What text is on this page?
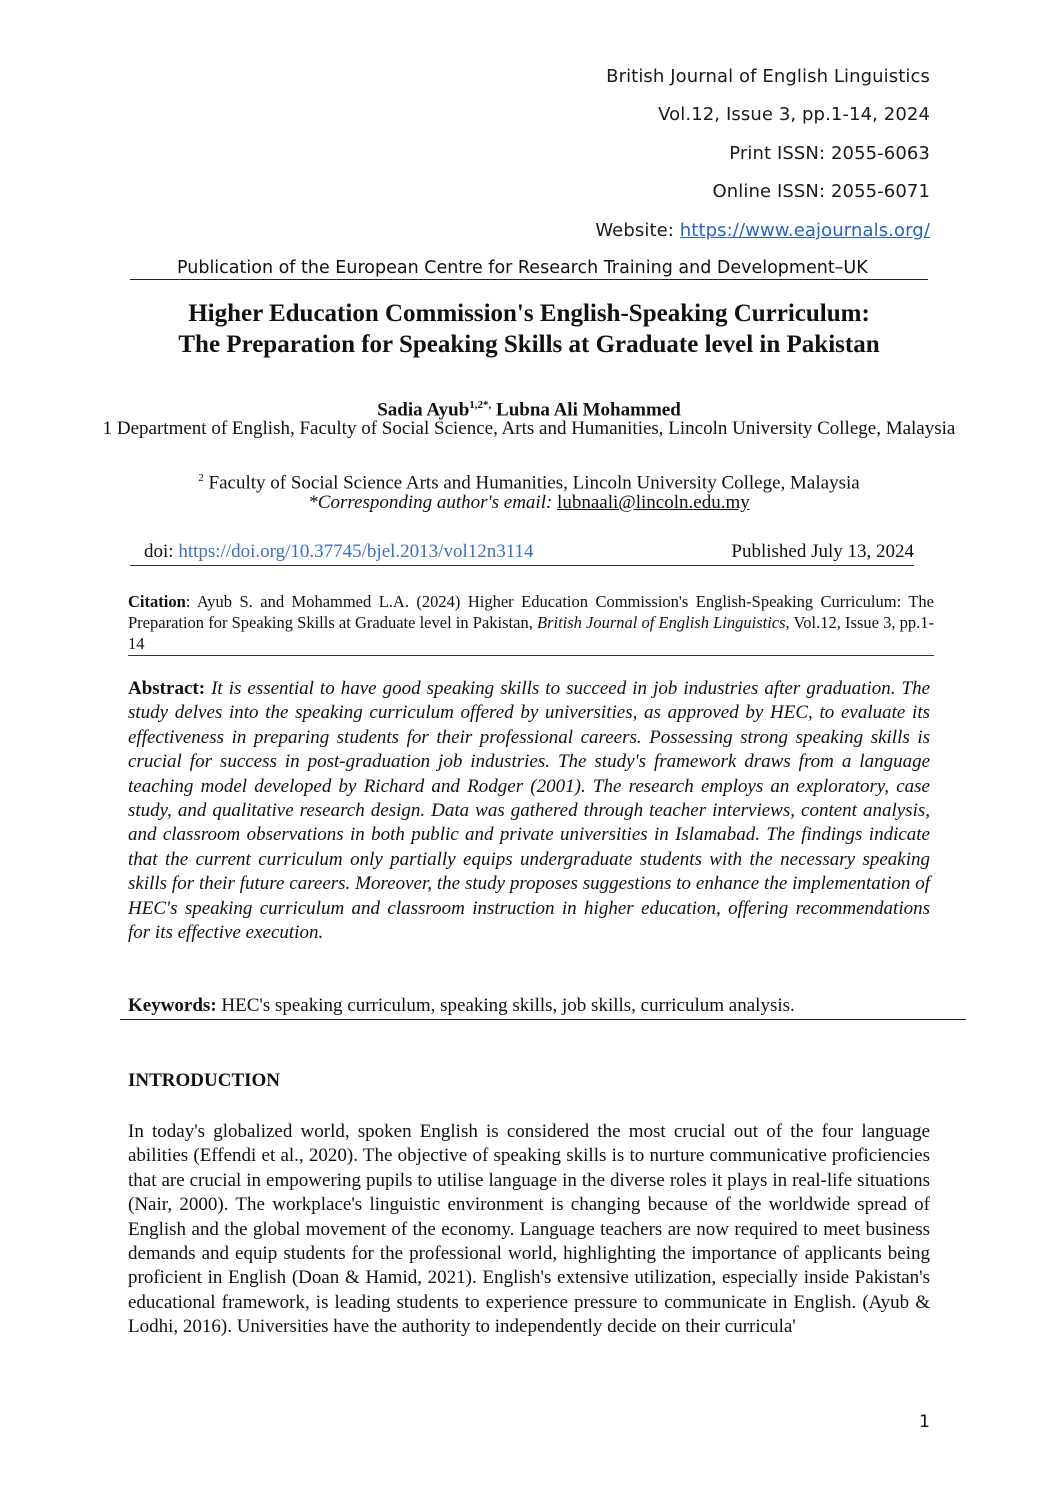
British Journal of English Linguistics
Vol.12, Issue 3, pp.1-14, 2024
Print ISSN: 2055-6063
Online ISSN: 2055-6071
Website: https://www.eajournals.org/
Publication of the European Centre for Research Training and Development–UK
Higher Education Commission's English-Speaking Curriculum:
The Preparation for Speaking Skills at Graduate level in Pakistan
Sadia Ayub$^{1,2*,}$ Lubna Ali Mohammed
1 Department of English, Faculty of Social Science, Arts and Humanities, Lincoln University College, Malaysia
$^2$ Faculty of Social Science Arts and Humanities, Lincoln University College, Malaysia
*Corresponding author's email: lubnaali@lincoln.edu.my
doi: https://doi.org/10.37745/bjel.2013/vol12n3114	Published July 13, 2024
Citation: Ayub S. and Mohammed L.A. (2024) Higher Education Commission's English-Speaking Curriculum: The Preparation for Speaking Skills at Graduate level in Pakistan, British Journal of English Linguistics, Vol.12, Issue 3, pp.1-14
Abstract: It is essential to have good speaking skills to succeed in job industries after graduation. The study delves into the speaking curriculum offered by universities, as approved by HEC, to evaluate its effectiveness in preparing students for their professional careers. Possessing strong speaking skills is crucial for success in post-graduation job industries. The study's framework draws from a language teaching model developed by Richard and Rodger (2001). The research employs an exploratory, case study, and qualitative research design. Data was gathered through teacher interviews, content analysis, and classroom observations in both public and private universities in Islamabad. The findings indicate that the current curriculum only partially equips undergraduate students with the necessary speaking skills for their future careers. Moreover, the study proposes suggestions to enhance the implementation of HEC's speaking curriculum and classroom instruction in higher education, offering recommendations for its effective execution.
Keywords: HEC's speaking curriculum, speaking skills, job skills, curriculum analysis.
INTRODUCTION
In today's globalized world, spoken English is considered the most crucial out of the four language abilities (Effendi et al., 2020). The objective of speaking skills is to nurture communicative proficiencies that are crucial in empowering pupils to utilise language in the diverse roles it plays in real-life situations (Nair, 2000). The workplace's linguistic environment is changing because of the worldwide spread of English and the global movement of the economy. Language teachers are now required to meet business demands and equip students for the professional world, highlighting the importance of applicants being proficient in English (Doan & Hamid, 2021). English's extensive utilization, especially inside Pakistan's educational framework, is leading students to experience pressure to communicate in English. (Ayub & Lodhi, 2016). Universities have the authority to independently decide on their curricula'
1
